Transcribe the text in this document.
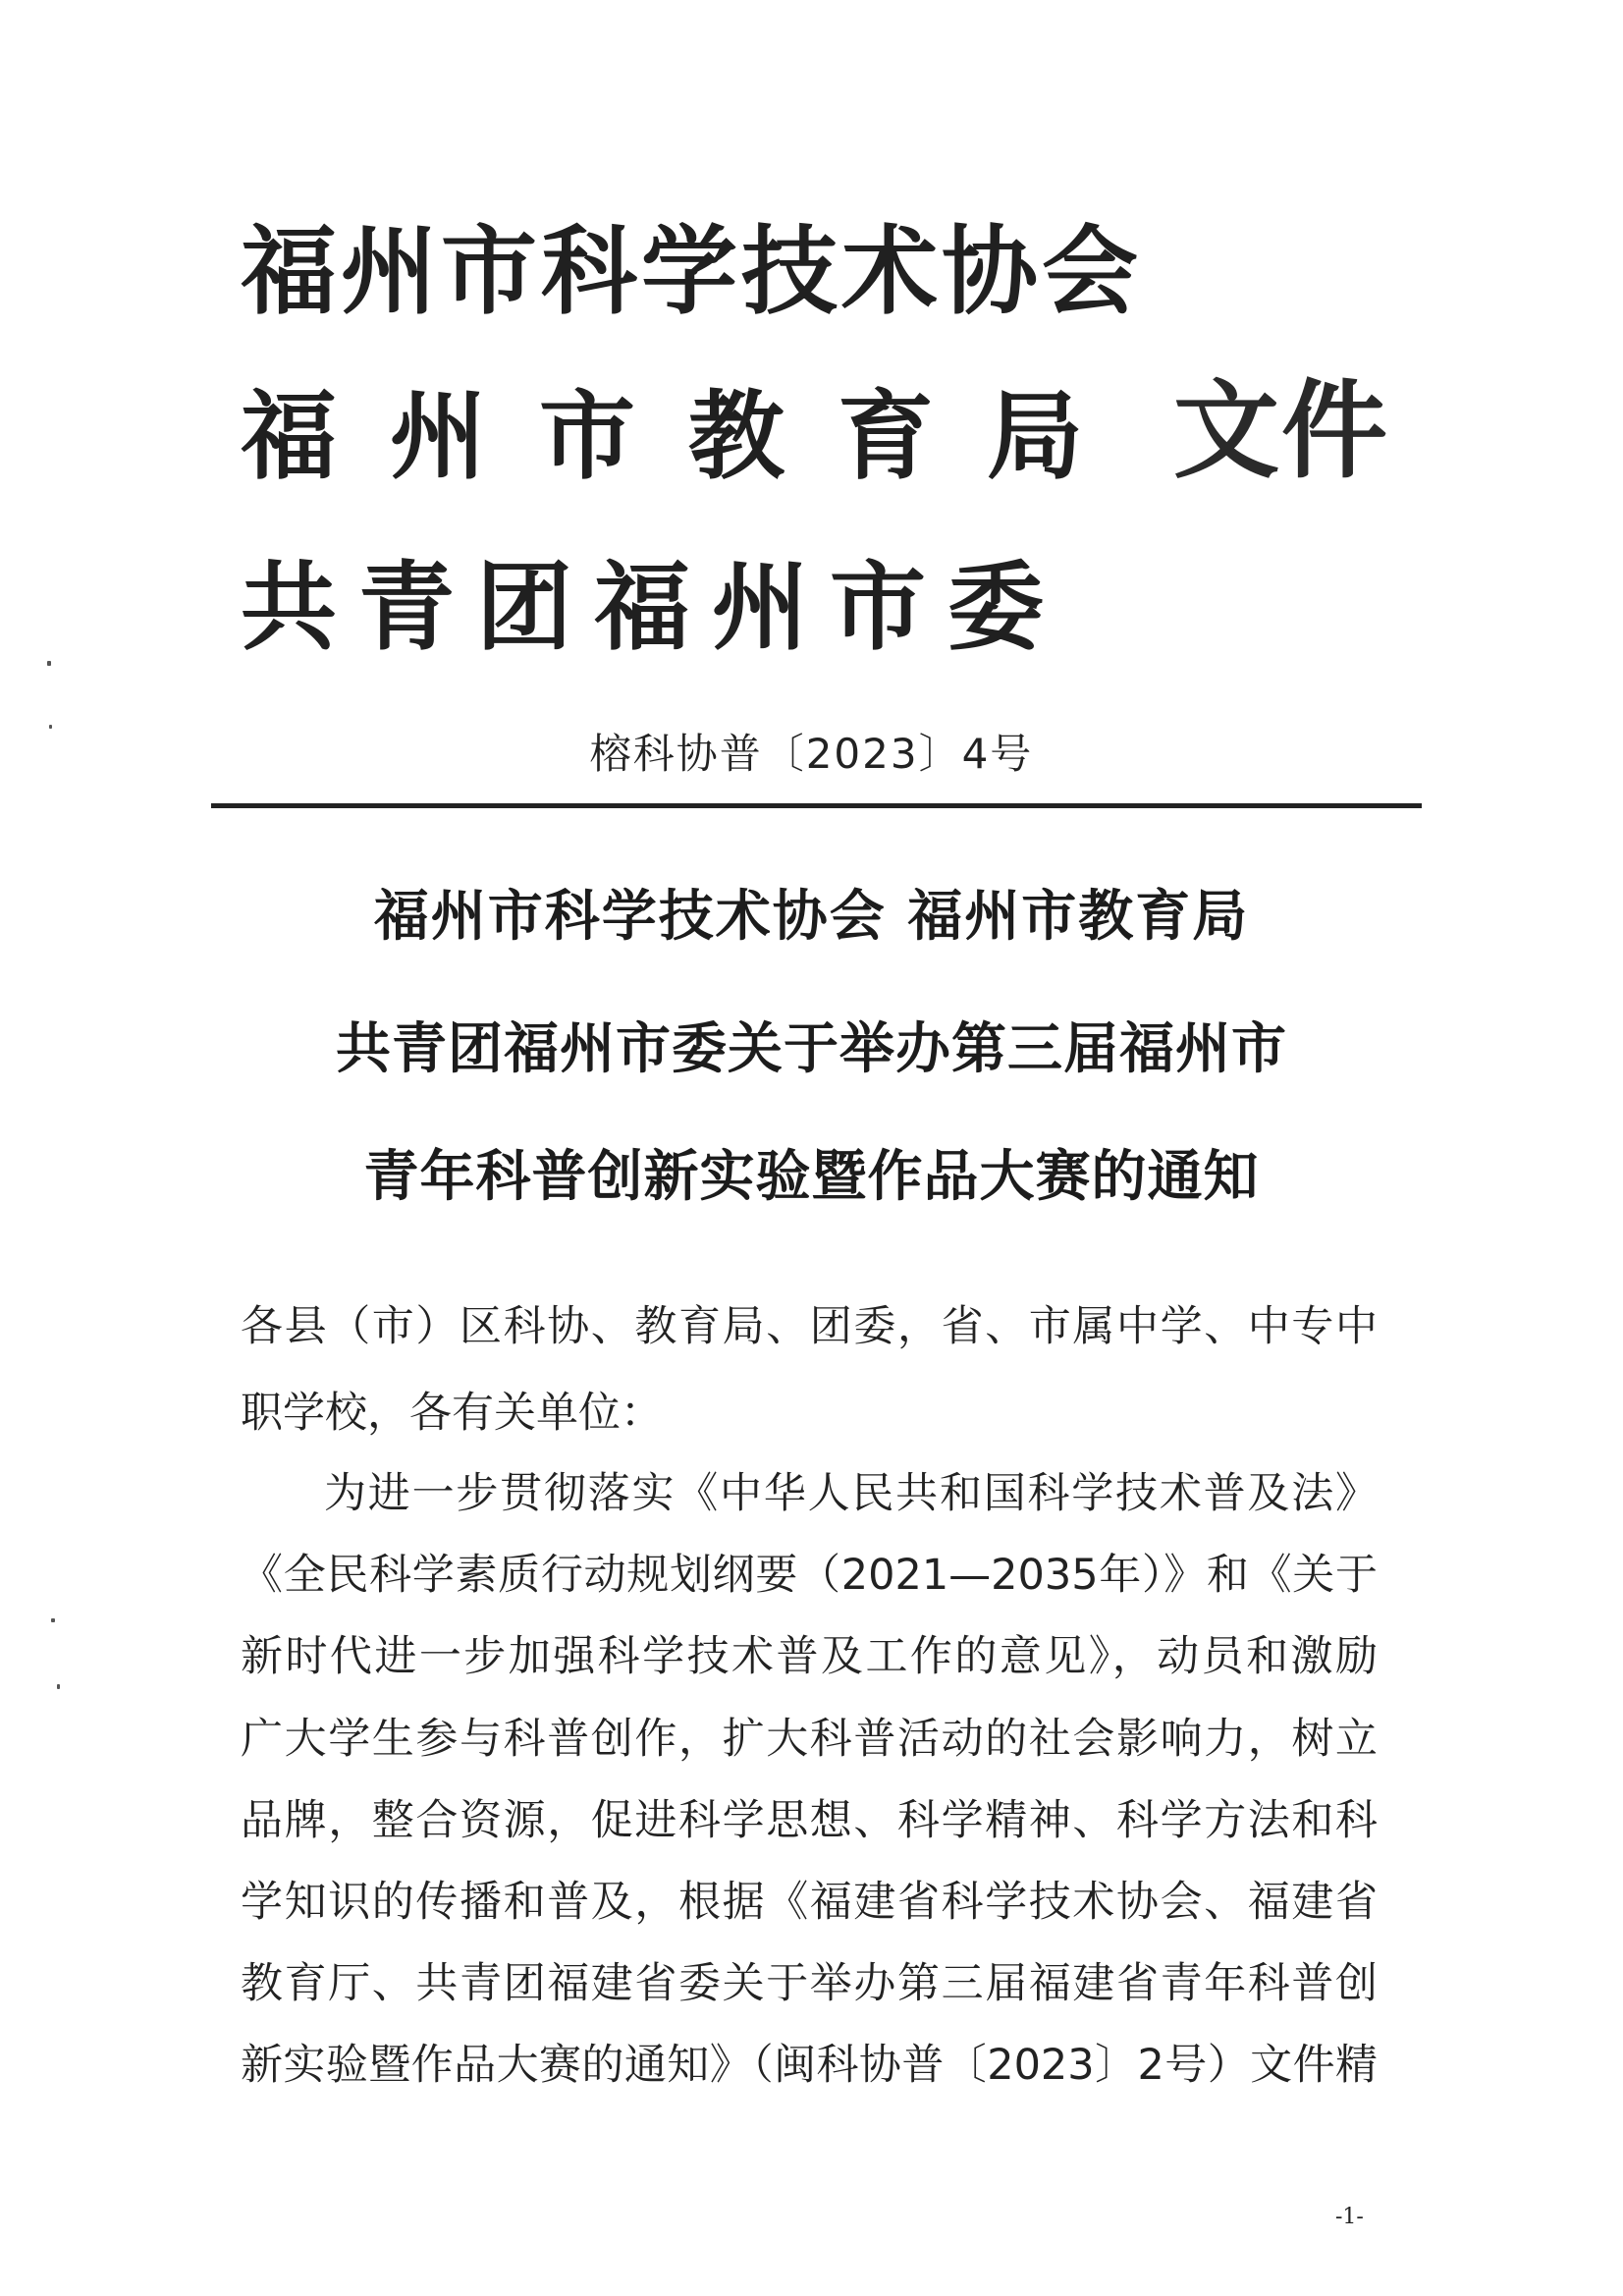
福州市科学技术协会
福州市教育局
共青团福州市委
文件
榕科协普〔2023〕4号
福州市科学技术协会 福州市教育局
共青团福州市委关于举办第三届福州市
青年科普创新实验暨作品大赛的通知
各县（市）区科协、教育局、团委，省、市属中学、中专中
职学校，各有关单位：
为进一步贯彻落实《中华人民共和国科学技术普及法》
《全民科学素质行动规划纲要（2021—2035年）》和《关于
新时代进一步加强科学技术普及工作的意见》，动员和激励
广大学生参与科普创作，扩大科普活动的社会影响力，树立
品牌，整合资源，促进科学思想、科学精神、科学方法和科
学知识的传播和普及，根据《福建省科学技术协会、福建省
教育厅、共青团福建省委关于举办第三届福建省青年科普创
新实验暨作品大赛的通知》（闽科协普〔2023〕2号）文件精
-1-
